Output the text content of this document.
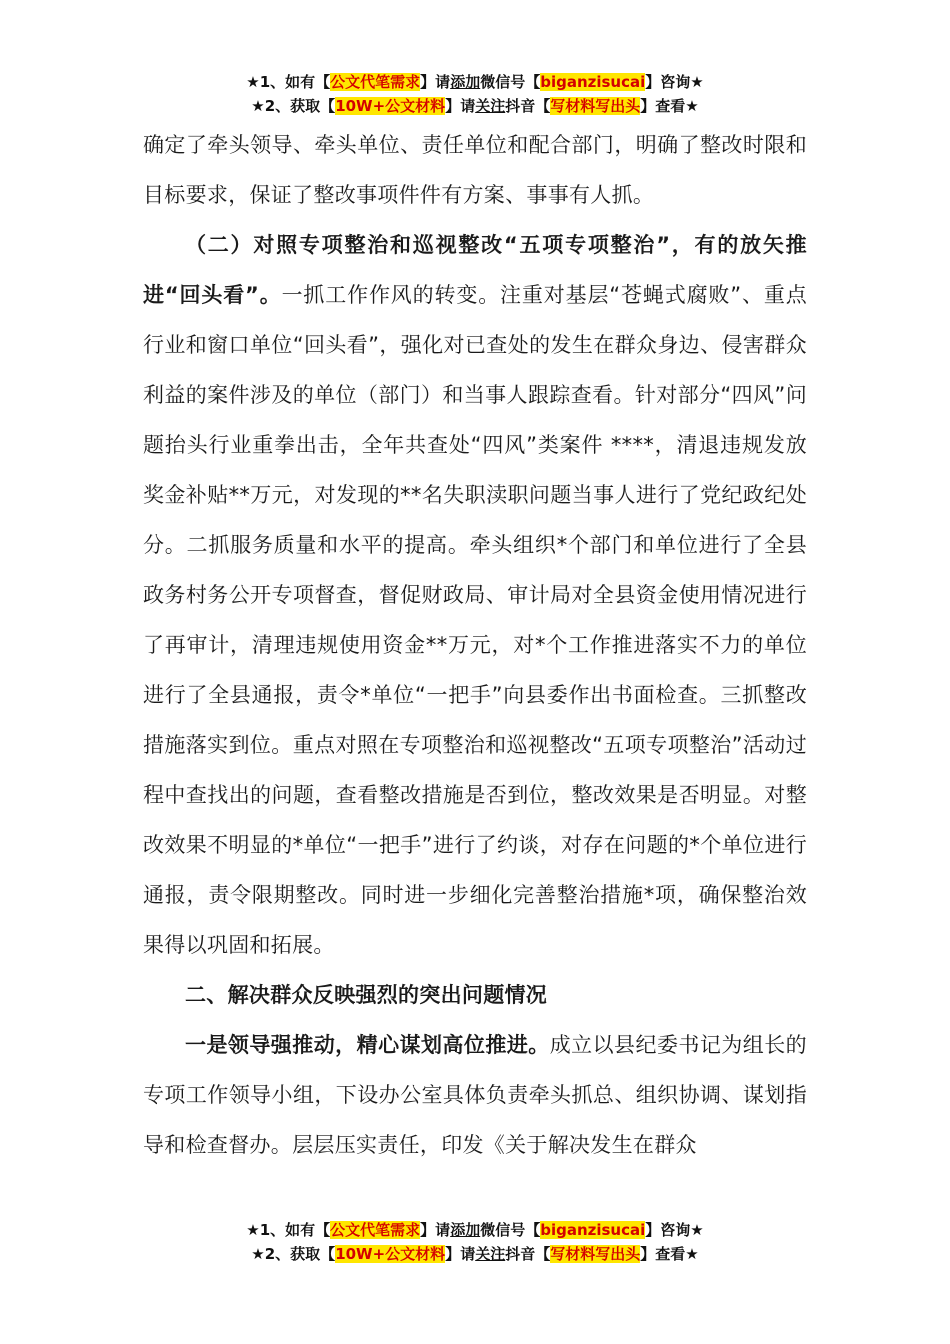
★1、如有【公文代笔需求】请添加微信号【biganzisucai】咨询★
★2、获取【10W+公文材料】请关注抖音【写材料写出头】查看★

确定了牵头领导、牵头单位、责任单位和配合部门，明确了整改时限和目标要求，保证了整改事项件件有方案、事事有人抓。

（二）对照专项整治和巡视整改“五项专项整治”，有的放矢推进“回头看”。一抓工作作风的转变。注重对基层“苍蝇式腐败”、重点行业和窗口单位“回头看”，强化对已查处的发生在群众身边、侵害群众利益的案件涉及的单位（部门）和当事人跟踪查看。针对部分“四风”问题抬头行业重拳出击，全年共查处“四风”类案件 ****，清退违规发放奖金补贴**万元，对发现的**名失职渎职问题当事人进行了党纪政纪处分。二抓服务质量和水平的提高。牵头组织*个部门和单位进行了全县政务村务公开专项督查，督促财政局、审计局对全县资金使用情况进行了再审计，清理违规使用资金**万元，对*个工作推进落实不力的单位进行了全县通报，责令*单位“一把手”向县委作出书面检查。三抓整改措施落实到位。重点对照在专项整治和巡视整改“五项专项整治”活动过程中查找出的问题，查看整改措施是否到位，整改效果是否明显。对整改效果不明显的*单位“一把手”进行了约谈，对存在问题的*个单位进行通报，责令限期整改。同时进一步细化完善整治措施*项，确保整治效果得以巩固和拓展。

二、解决群众反映强烈的突出问题情况

一是领导强推动，精心谋划高位推进。成立以县纪委书记为组长的专项工作领导小组，下设办公室具体负责牵头抓总、组织协调、谋划指导和检查督办。层层压实责任，印发《关于解决发生在群众

★1、如有【公文代笔需求】请添加微信号【biganzisucai】咨询★
★2、获取【10W+公文材料】请关注抖音【写材料写出头】查看★
